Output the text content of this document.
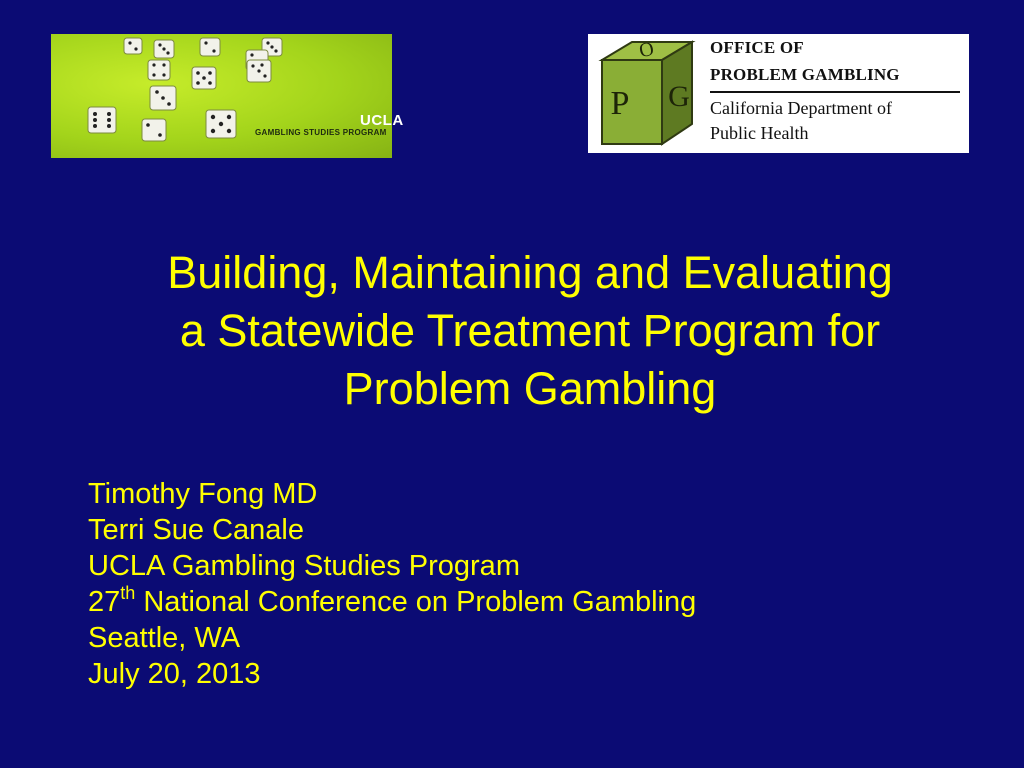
UCLA
GAMBLING STUDIES PROGRAM
O
P G
OFFICE OF
PROBLEM GAMBLING
California Department of
Public Health
Building, Maintaining and Evaluating
a Statewide Treatment Program for
Problem Gambling
Timothy Fong MD
Terri Sue Canale
UCLA Gambling Studies Program
27th National Conference on Problem Gambling
Seattle, WA
July 20, 2013
